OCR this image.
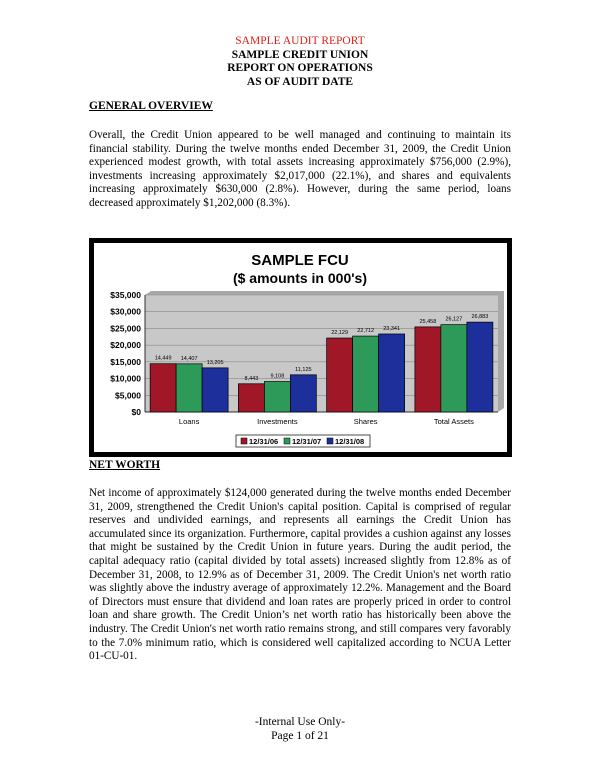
SAMPLE AUDIT REPORT
SAMPLE CREDIT UNION
REPORT ON OPERATIONS
AS OF AUDIT DATE
GENERAL OVERVIEW

Overall, the Credit Union appeared to be well managed and continuing to maintain its financial stability. During the twelve months ended December 31, 2009, the Credit Union experienced modest growth, with total assets increasing approximately $756,000 (2.9%), investments increasing approximately $2,017,000 (22.1%), and shares and equivalents increasing approximately $630,000 (2.8%). However, during the same period, loans decreased approximately $1,202,000 (8.3%).

SAMPLE FCU
($ amounts in 000's)
$0
$5,000
$10,000
$15,000
$20,000
$25,000
$30,000
$35,000
14,449 14,407
13,205
Loans
8,443 9,108
11,125
Investments
22,129 22,712 23,341
Shares
25,458 26,127 26,883
Total Assets
12/31/06 12/31/07 12/31/08
NET WORTH

Net income of approximately $124,000 generated during the twelve months ended December 31, 2009, strengthened the Credit Union's capital position. Capital is comprised of regular reserves and undivided earnings, and represents all earnings the Credit Union has accumulated since its organization. Furthermore, capital provides a cushion against any losses that might be sustained by the Credit Union in future years. During the audit period, the capital adequacy ratio (capital divided by total assets) increased slightly from 12.8% as of December 31, 2008, to 12.9% as of December 31, 2009. The Credit Union's net worth ratio was slightly above the industry average of approximately 12.2%. Management and the Board of Directors must ensure that dividend and loan rates are properly priced in order to control loan and share growth. The Credit Union’s net worth ratio has historically been above the industry. The Credit Union's net worth ratio remains strong, and still compares very favorably to the 7.0% minimum ratio, which is considered well capitalized according to NCUA Letter 01-CU-01.

-Internal Use Only-
Page 1 of 21
